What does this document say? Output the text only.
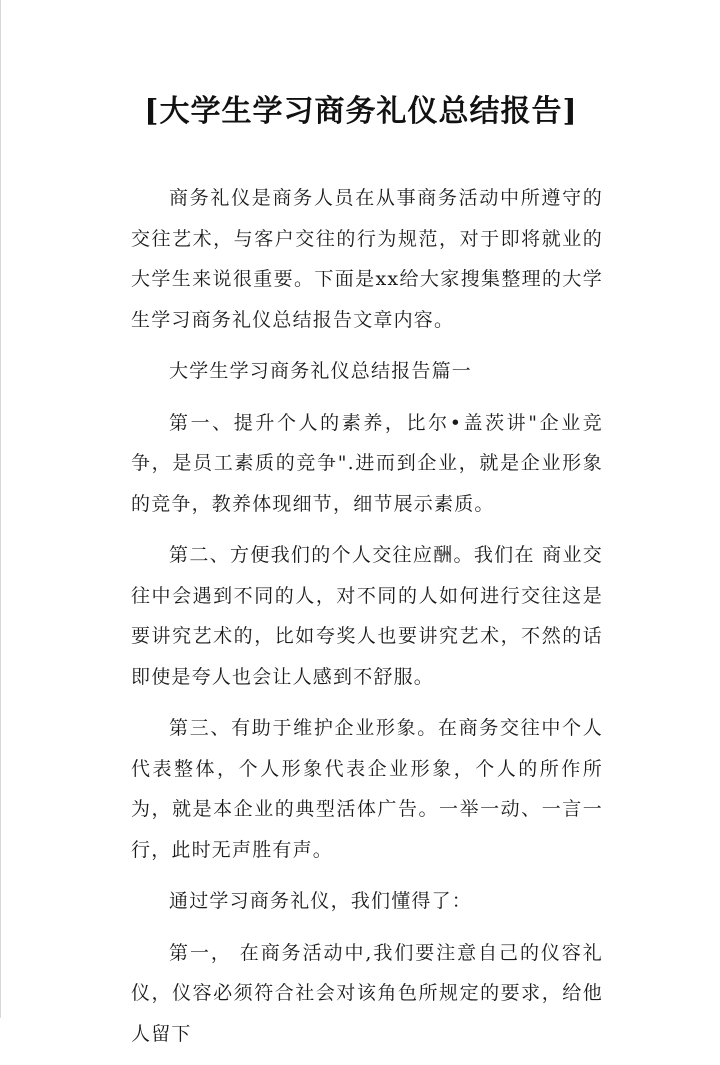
[大学生学习商务礼仪总结报告]

商务礼仪是商务人员在从事商务活动中所遵守的交往艺术，与客户交往的行为规范，对于即将就业的大学生来说很重要。下面是xx给大家搜集整理的大学生学习商务礼仪总结报告文章内容。

大学生学习商务礼仪总结报告篇一

第一、提升个人的素养，比尔•盖茨讲"企业竞争，是员工素质的竞争".进而到企业，就是企业形象的竞争，教养体现细节，细节展示素质。

第二、方便我们的个人交往应酬。我们在 商业交往中会遇到不同的人，对不同的人如何进行交往这是要讲究艺术的，比如夸奖人也要讲究艺术，不然的话即使是夸人也会让人感到不舒服。

第三、有助于维护企业形象。在商务交往中个人代表整体，个人形象代表企业形象，个人的所作所为，就是本企业的典型活体广告。一举一动、一言一行，此时无声胜有声。

通过学习商务礼仪，我们懂得了：

第一， 在商务活动中,我们要注意自己的仪容礼仪，仪容必须符合社会对该角色所规定的要求，给他人留下
